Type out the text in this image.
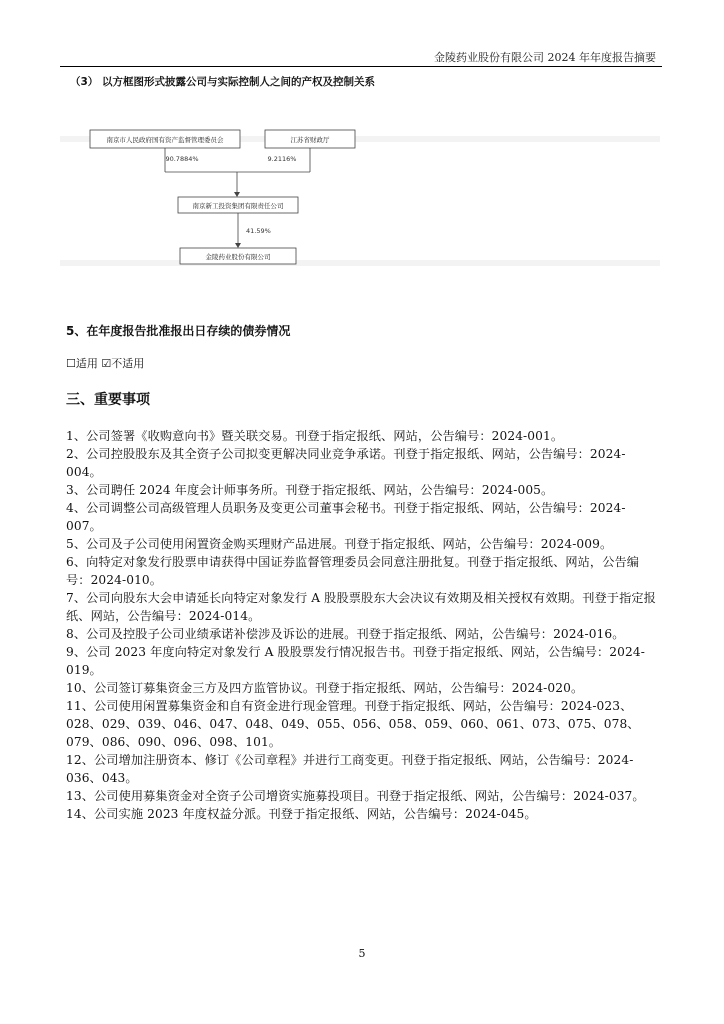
金陵药业股份有限公司 2024 年年度报告摘要
（3） 以方框图形式披露公司与实际控制人之间的产权及控制关系
南京市人民政府国有资产监督管理委员会	江苏省财政厅
90.7884%	9.2116%
南京新工投资集团有限责任公司
41.59%
金陵药业股份有限公司
5、在年度报告批准报出日存续的债券情况
☐适用 ☑不适用
三、重要事项
1、公司签署《收购意向书》暨关联交易。刊登于指定报纸、网站，公告编号：2024-001。
2、公司控股股东及其全资子公司拟变更解决同业竞争承诺。刊登于指定报纸、网站，公告编号：2024-004。
3、公司聘任 2024 年度会计师事务所。刊登于指定报纸、网站，公告编号：2024-005。
4、公司调整公司高级管理人员职务及变更公司董事会秘书。刊登于指定报纸、网站，公告编号：2024-007。
5、公司及子公司使用闲置资金购买理财产品进展。刊登于指定报纸、网站，公告编号：2024-009。
6、向特定对象发行股票申请获得中国证券监督管理委员会同意注册批复。刊登于指定报纸、网站，公告编号：2024-010。
7、公司向股东大会申请延长向特定对象发行 A 股股票股东大会决议有效期及相关授权有效期。刊登于指定报纸、网站，公告编号：2024-014。
8、公司及控股子公司业绩承诺补偿涉及诉讼的进展。刊登于指定报纸、网站，公告编号：2024-016。
9、公司 2023 年度向特定对象发行 A 股股票发行情况报告书。刊登于指定报纸、网站，公告编号：2024-019。
10、公司签订募集资金三方及四方监管协议。刊登于指定报纸、网站，公告编号：2024-020。
11、公司使用闲置募集资金和自有资金进行现金管理。刊登于指定报纸、网站，公告编号：2024-023、028、029、039、046、047、048、049、055、056、058、059、060、061、073、075、078、079、086、090、096、098、101。
12、公司增加注册资本、修订《公司章程》并进行工商变更。刊登于指定报纸、网站，公告编号：2024-036、043。
13、公司使用募集资金对全资子公司增资实施募投项目。刊登于指定报纸、网站，公告编号：2024-037。
14、公司实施 2023 年度权益分派。刊登于指定报纸、网站，公告编号：2024-045。
5
